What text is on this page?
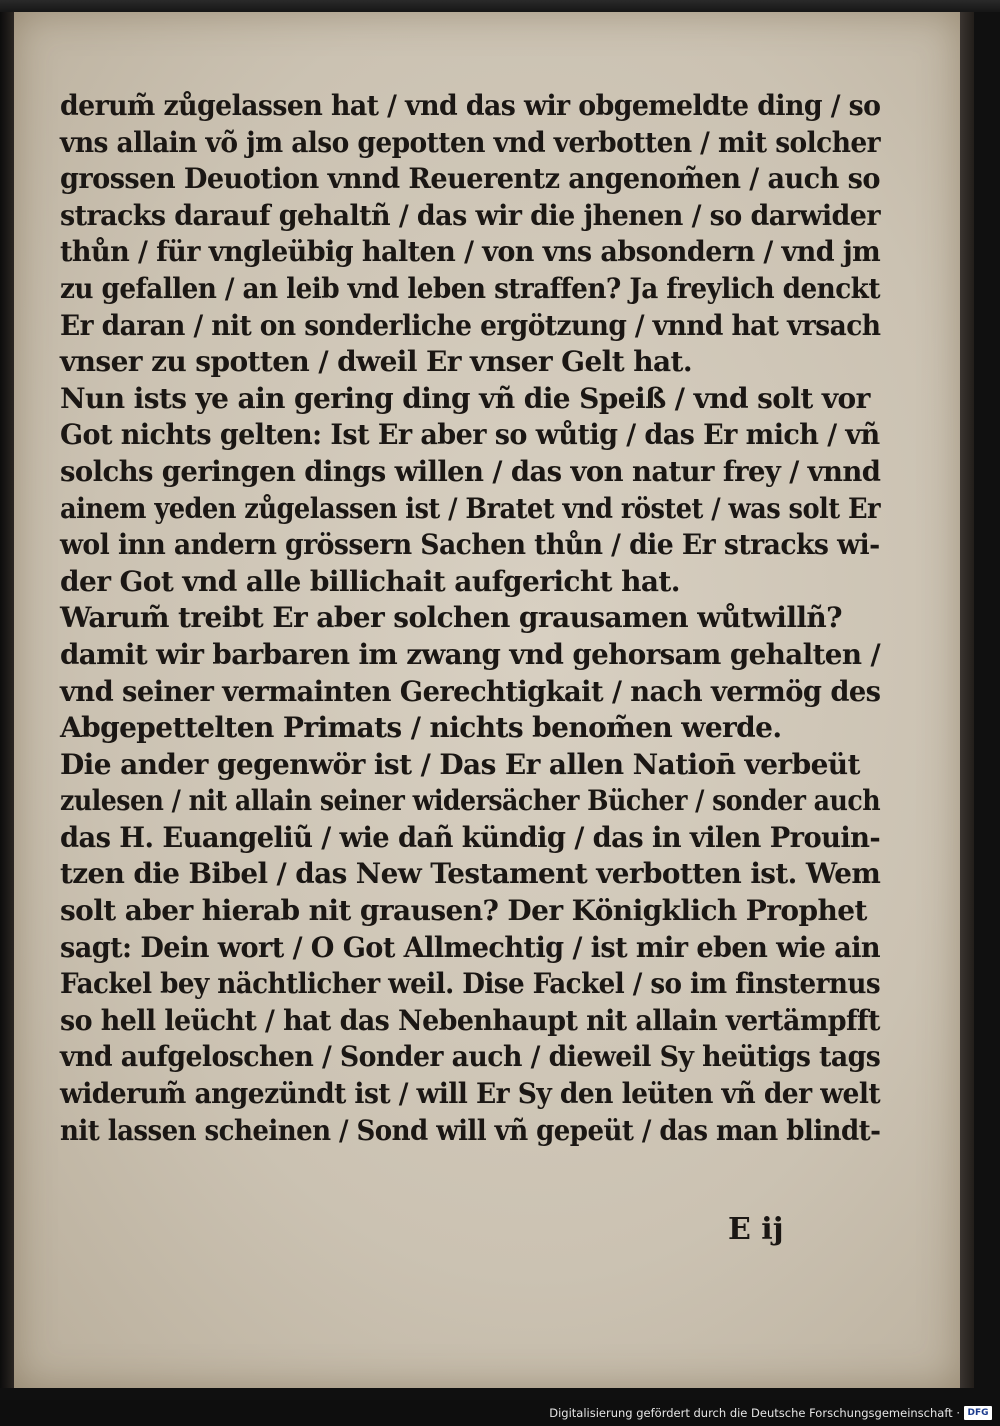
derum̃ zůgelassen hat / vnd das wir obgemeldte ding / so
vns allain võ jm also gepotten vnd verbotten / mit solcher
grossen Deuotion vnnd Reuerentz angenom̃en / auch so
stracks darauf gehaltñ / das wir die jhenen / so darwider
thůn / für vngleübig halten / von vns absondern / vnd jm
zu gefallen / an leib vnd leben straffen? Ja freylich denckt
Er daran / nit on sonderliche ergötzung / vnnd hat vrsach
vnser zu spotten / dweil Er vnser Gelt hat.
Nun ists ye ain gering ding vñ die Speiß / vnd solt vor
Got nichts gelten: Ist Er aber so wůtig / das Er mich / vñ
solchs geringen dings willen / das von natur frey / vnnd
ainem yeden zůgelassen ist / Bratet vnd röstet / was solt Er
wol inn andern grössern Sachen thůn / die Er stracks wi-
der Got vnd alle billichait aufgericht hat.
Warum̃ treibt Er aber solchen grausamen wůtwillñ?
damit wir barbaren im zwang vnd gehorsam gehalten /
vnd seiner vermainten Gerechtigkait / nach vermög des
Abgepettelten Primats / nichts benom̃en werde.
Die ander gegenwör ist / Das Er allen Nation̄ verbeüt
zulesen / nit allain seiner widersächer Bücher / sonder auch
das H. Euangeliũ / wie dañ kündig / das in vilen Prouin-
tzen die Bibel / das New Testament verbotten ist. Wem
solt aber hierab nit grausen? Der Königklich Prophet
sagt: Dein wort / O Got Allmechtig / ist mir eben wie ain
Fackel bey nächtlicher weil. Dise Fackel / so im finsternus
so hell leücht / hat das Nebenhaupt nit allain vertämpfft
vnd aufgeloschen / Sonder auch / dieweil Sy heütigs tags
widerum̃ angezündt ist / will Er Sy den leüten vñ der welt
nit lassen scheinen / Sond will vñ gepeüt / das man blindt-
E ij
Digitalisierung gefördert durch die Deutsche Forschungsgemeinschaft · DFG
